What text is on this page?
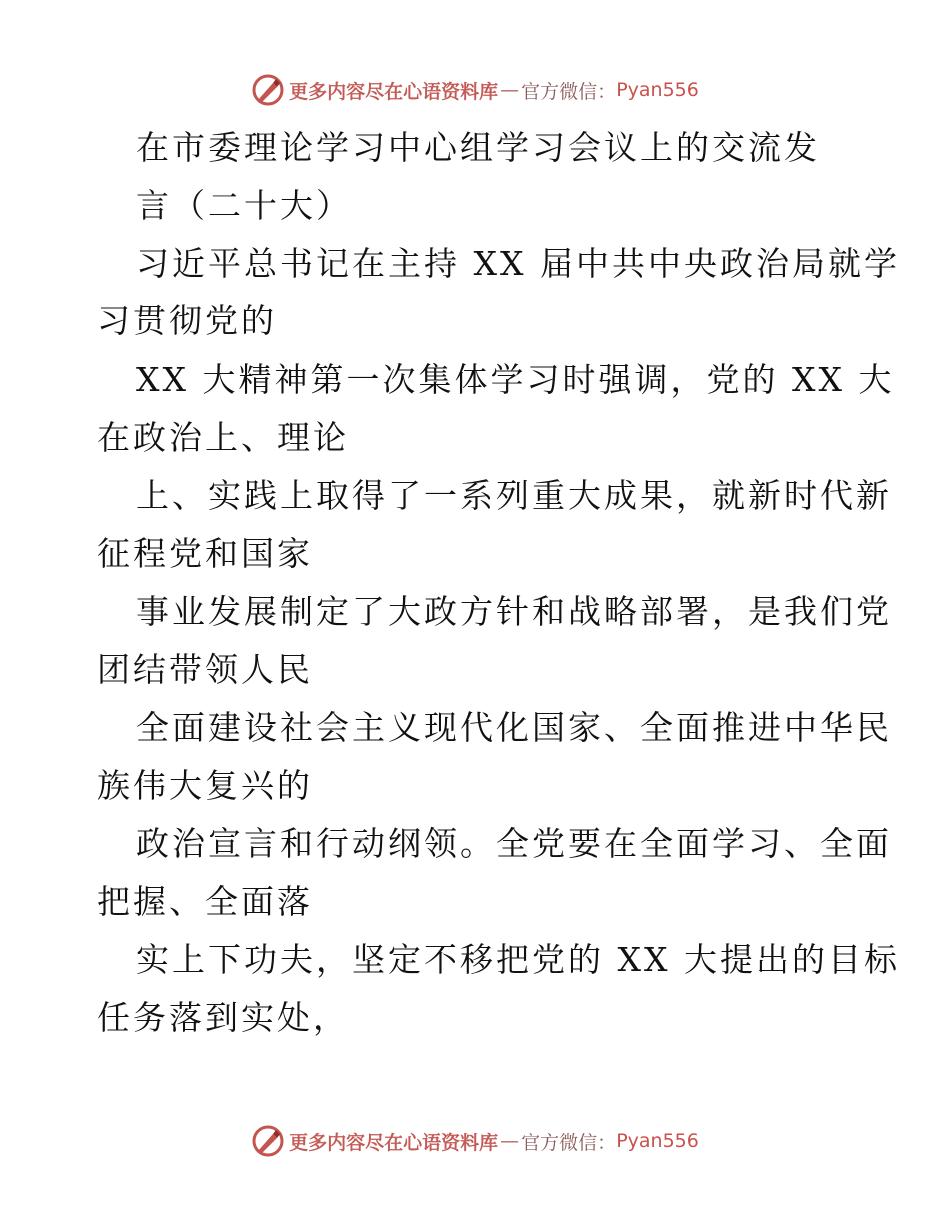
更多内容尽在心语资料库 — 官方微信： Pyan556
在市委理论学习中心组学习会议上的交流发
言（二十大）
习近平总书记在主持 XX 届中共中央政治局就学
习贯彻党的
XX 大精神第一次集体学习时强调，党的 XX 大
在政治上、理论
上、实践上取得了一系列重大成果，就新时代新
征程党和国家
事业发展制定了大政方针和战略部署，是我们党
团结带领人民
全面建设社会主义现代化国家、全面推进中华民
族伟大复兴的
政治宣言和行动纲领。全党要在全面学习、全面
把握、全面落
实上下功夫，坚定不移把党的 XX 大提出的目标
任务落到实处，
更多内容尽在心语资料库 — 官方微信： Pyan556
